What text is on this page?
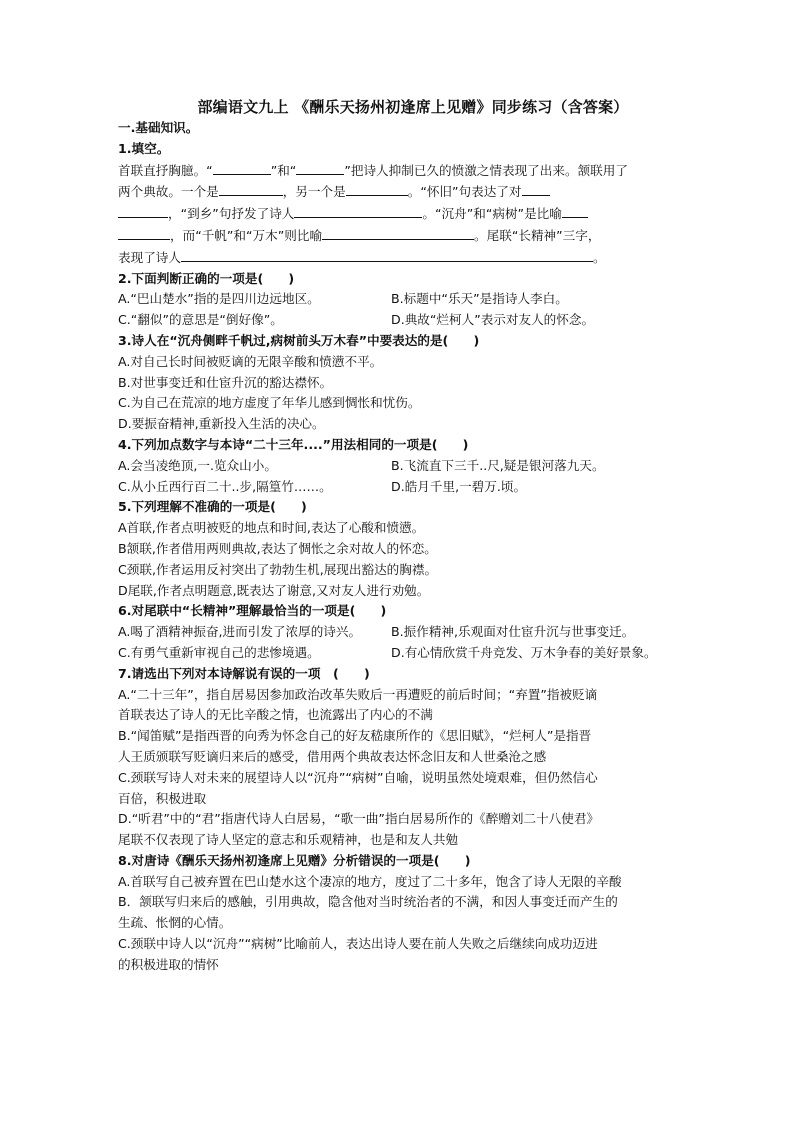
部编语文九上 《酬乐天扬州初逢席上见赠》同步练习（含答案）
一.基础知识。
1.填空。
首联直抒胸臆。“	”和“	”把诗人抑制已久的愤激之情表现了出来。颔联用了
两个典故。一个是	，另一个是	。“怀旧”句表达了对
，“到乡”句抒发了诗人	。“沉舟”和“病树”是比喻
，而“千帆”和“万木”则比喻	。尾联“长精神”三字，
表现了诗人	。
2.下面判断正确的一项是(　　)
A.“巴山楚水”指的是四川边远地区。	B.标题中“乐天”是指诗人李白。
C.“翻似”的意思是“倒好像”。	D.典故“烂柯人”表示对友人的怀念。
3.诗人在“沉舟侧畔千帆过,病树前头万木春”中要表达的是(　　)
A.对自己长时间被贬谪的无限辛酸和愤懑不平。
B.对世事变迁和仕宦升沉的豁达襟怀。
C.为自己在荒凉的地方虚度了年华儿感到惆怅和忧伤。
D.要振奋精神,重新投入生活的决心。
4.下列加点数字与本诗“二十三年....”用法相同的一项是(　　)
A.会当凌绝顶,一.览众山小。	B.飞流直下三千..尺,疑是银河落九天。
C.从小丘西行百二十..步,隔篁竹……。	D.皓月千里,一碧万.顷。
5.下列理解不准确的一项是(　　)
A首联,作者点明被贬的地点和时间,表达了心酸和愤懑。
B颔联,作者借用两则典故,表达了惆怅之余对故人的怀恋。
C颈联,作者运用反衬突出了勃勃生机,展现出豁达的胸襟。
D尾联,作者点明题意,既表达了谢意,又对友人进行劝勉。
6.对尾联中“长精神”理解最恰当的一项是(　　)
A.喝了酒精神振奋,进而引发了浓厚的诗兴。	B.振作精神,乐观面对仕宦升沉与世事变迁。
C.有勇气重新审视自己的悲惨境遇。	D.有心情欣赏千舟竞发、万木争春的美好景象。
7.请选出下列对本诗解说有误的一项　(　　)
A.“二十三年”，指自居易因参加政治改革失败后一再遭贬的前后时间；“弃置”指被贬谪
首联表达了诗人的无比辛酸之情，也流露出了内心的不满
B.“闻笛赋”是指西晋的向秀为怀念自己的好友嵇康所作的《思旧赋》，“烂柯人”是指晋
人王质颁联写贬谪归来后的感受，借用两个典故表达怀念旧友和人世桑沧之感
C.颈联写诗人对未来的展望诗人以“沉舟”“病树”自喻，说明虽然处境艰难，但仍然信心
百倍，积极进取
D.“听君”中的“君”指唐代诗人白居易，“歌一曲”指白居易所作的《醉赠刘二十八使君》
尾联不仅表现了诗人坚定的意志和乐观精神，也是和友人共勉
8.对唐诗《酬乐天扬州初逢席上见赠》分析错误的一项是(　　)
A.首联写自己被弃置在巴山楚水这个凄凉的地方，度过了二十多年，饱含了诗人无限的辛酸
B．颔联写归来后的感触，引用典故，隐含他对当时统治者的不满，和因人事变迁而产生的
生疏、怅惘的心情。
C.颈联中诗人以“沉舟”“病树”比喻前人，表达出诗人要在前人失败之后继续向成功迈进
的积极进取的情怀
